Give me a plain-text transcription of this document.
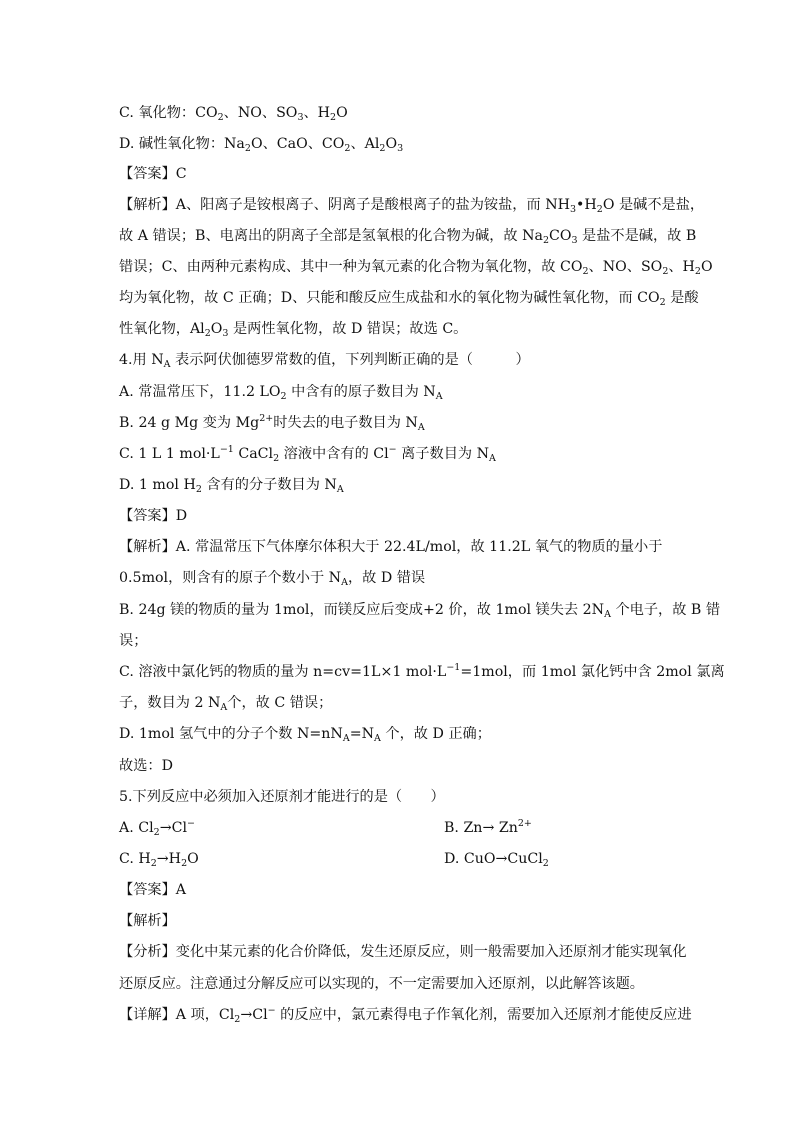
C. 氧化物：$CO_2$、NO、$SO_3$、$H_2O$
D. 碱性氧化物：$Na_2O$、CaO、$CO_2$、$Al_2O_3$
【答案】C
【解析】A、阳离子是铵根离子、阴离子是酸根离子的盐为铵盐，而 $NH_3•H_2O$ 是碱不是盐，
故 A 错误；B、电离出的阴离子全部是氢氧根的化合物为碱，故 $Na_2CO_3$ 是盐不是碱，故 B
错误；C、由两种元素构成、其中一种为氧元素的化合物为氧化物，故 $CO_2$、NO、$SO_2$、$H_2O$
均为氧化物，故 C 正确；D、只能和酸反应生成盐和水的氧化物为碱性氧化物，而 $CO_2$ 是酸
性氧化物，$Al_2O_3$ 是两性氧化物，故 D 错误；故选 C。
4.用 $N_A$ 表示阿伏伽德罗常数的值，下列判断正确的是（　　　）
A. 常温常压下，11.2 $LO_2$ 中含有的原子数目为 $N_A$
B. 24 g Mg 变为 $Mg^{2+}$时失去的电子数目为 $N_A$
C. 1 L 1 $mol\cdot L^{-1}$ CaCl$_2$ 溶液中含有的 Cl− 离子数目为 $N_A$
D. 1 mol $H_2$ 含有的分子数目为 $N_A$
【答案】D
【解析】A. 常温常压下气体摩尔体积大于 22.4L/mol，故 11.2L 氧气的物质的量小于
0.5mol，则含有的原子个数小于 $N_A$，故 D 错误
B. 24g 镁的物质的量为 1mol，而镁反应后变成+2 价，故 1mol 镁失去 $2N_A$ 个电子，故 B 错
误；
C. 溶液中氯化钙的物质的量为 n=cv=1L×1 $mol\cdot L^{-1}=1mol$，而 1mol 氯化钙中含 2mol 氯离
子，数目为 2 $N_A$个，故 C 错误；
D. 1mol 氢气中的分子个数 $N=nN_A=N_A$ 个，故 D 正确；
故选：D
5.下列反应中必须加入还原剂才能进行的是（　　）
A. $Cl_2\to Cl^-$	B. $Zn\to Zn^{2+}$
C. $H_2\to H_2O$	D. CuO→CuCl$_2$
【答案】A
【解析】
【分析】变化中某元素的化合价降低，发生还原反应，则一般需要加入还原剂才能实现氧化
还原反应。注意通过分解反应可以实现的，不一定需要加入还原剂，以此解答该题。
【详解】A 项，$Cl_2\to Cl^-$ 的反应中，氯元素得电子作氧化剂，需要加入还原剂才能使反应进
